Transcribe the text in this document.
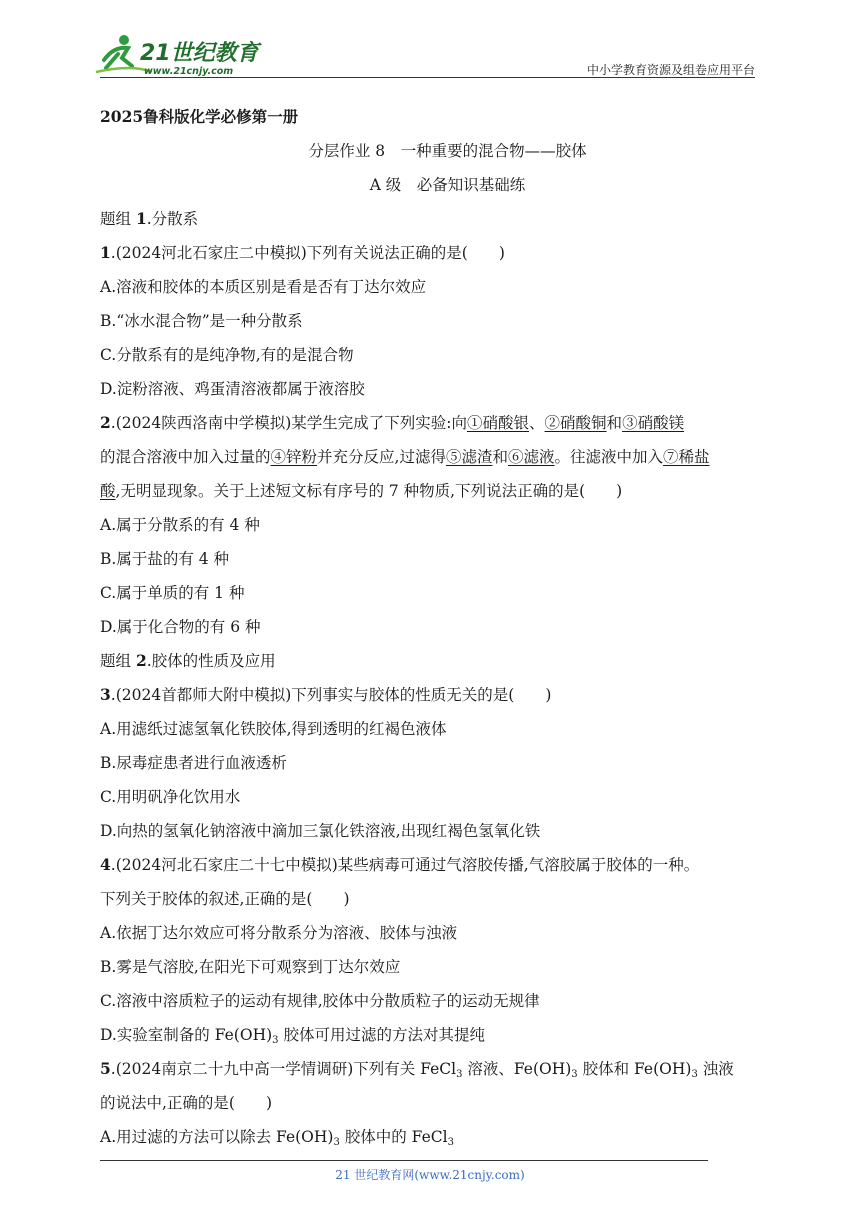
21世纪教育
www.21cnjy.com	中小学教育资源及组卷应用平台
2025鲁科版化学必修第一册
分层作业 8　一种重要的混合物——胶体
A 级　必备知识基础练
题组 1.分散系
1.(2024河北石家庄二中模拟)下列有关说法正确的是(　　)
A.溶液和胶体的本质区别是看是否有丁达尔效应
B.“冰水混合物”是一种分散系
C.分散系有的是纯净物,有的是混合物
D.淀粉溶液、鸡蛋清溶液都属于液溶胶
2.(2024陕西洛南中学模拟)某学生完成了下列实验:向①硝酸银、②硝酸铜和③硝酸镁
的混合溶液中加入过量的④锌粉并充分反应,过滤得⑤滤渣和⑥滤液。往滤液中加入⑦稀盐
酸,无明显现象。关于上述短文标有序号的 7 种物质,下列说法正确的是(　　)
A.属于分散系的有 4 种
B.属于盐的有 4 种
C.属于单质的有 1 种
D.属于化合物的有 6 种
题组 2.胶体的性质及应用
3.(2024首都师大附中模拟)下列事实与胶体的性质无关的是(　　)
A.用滤纸过滤氢氧化铁胶体,得到透明的红褐色液体
B.尿毒症患者进行血液透析
C.用明矾净化饮用水
D.向热的氢氧化钠溶液中滴加三氯化铁溶液,出现红褐色氢氧化铁
4.(2024河北石家庄二十七中模拟)某些病毒可通过气溶胶传播,气溶胶属于胶体的一种。
下列关于胶体的叙述,正确的是(　　)
A.依据丁达尔效应可将分散系分为溶液、胶体与浊液
B.雾是气溶胶,在阳光下可观察到丁达尔效应
C.溶液中溶质粒子的运动有规律,胶体中分散质粒子的运动无规律
D.实验室制备的 $Fe(OH)_3$ 胶体可用过滤的方法对其提纯
5.(2024南京二十九中高一学情调研)下列有关 FeCl$_3$ 溶液、$Fe(OH)_3$ 胶体和 $Fe(OH)_3$ 浊液
的说法中,正确的是(　　)
A.用过滤的方法可以除去 $Fe(OH)_3$ 胶体中的 FeCl$_3$
21 世纪教育网(www.21cnjy.com)
